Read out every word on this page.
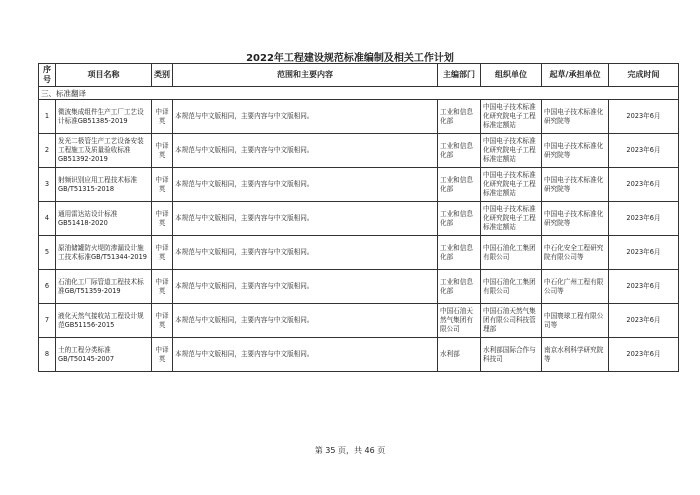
2022年工程建设规范标准编制及相关工作计划
序号	项目名称	类别	范围和主要内容	主编部门	组织单位	起草/承担单位	完成时间
三、标准翻译							
1	微波集成组件生产工厂工艺设计标准GB51385-2019	中译英	本规范与中文版相同，主要内容与中文版相同。	工业和信息化部	中国电子技术标准化研究院电子工程标准定额站	中国电子技术标准化研究院等	2023年6月
2	发光二极管生产工艺设备安装工程施工及质量验收标准GB51392-2019	中译英	本规范与中文版相同，主要内容与中文版相同。	工业和信息化部	中国电子技术标准化研究院电子工程标准定额站	中国电子技术标准化研究院等	2023年6月
3	射频识别应用工程技术标准GB/T51315-2018	中译英	本规范与中文版相同，主要内容与中文版相同。	工业和信息化部	中国电子技术标准化研究院电子工程标准定额站	中国电子技术标准化研究院等	2023年6月
4	通用雷达站设计标准GB51418-2020	中译英	本规范与中文版相同，主要内容与中文版相同。	工业和信息化部	中国电子技术标准化研究院电子工程标准定额站	中国电子技术标准化研究院等	2023年6月
5	原油储罐防火堤防渗漏设计施工技术标准GB/T51344-2019	中译英	本规范与中文版相同，主要内容与中文版相同。	工业和信息化部	中国石油化工集团有限公司	中石化安全工程研究院有限公司等	2023年6月
6	石油化工厂际管道工程技术标准GB/T51359-2019	中译英	本规范与中文版相同，主要内容与中文版相同。	工业和信息化部	中国石油化工集团有限公司	中石化广州工程有限公司等	2023年6月
7	液化天然气接收站工程设计规范GB51156-2015	中译英	本规范与中文版相同，主要内容与中文版相同。	中国石油天然气集团有限公司	中国石油天然气集团有限公司科技管理部	中国寰球工程有限公司等	2023年6月
8	土的工程分类标准GB/T50145-2007	中译英	本规范与中文版相同，主要内容与中文版相同。	水利部	水利部国际合作与科技司	南京水利科学研究院等	2023年6月
第 35 页，共 46 页
